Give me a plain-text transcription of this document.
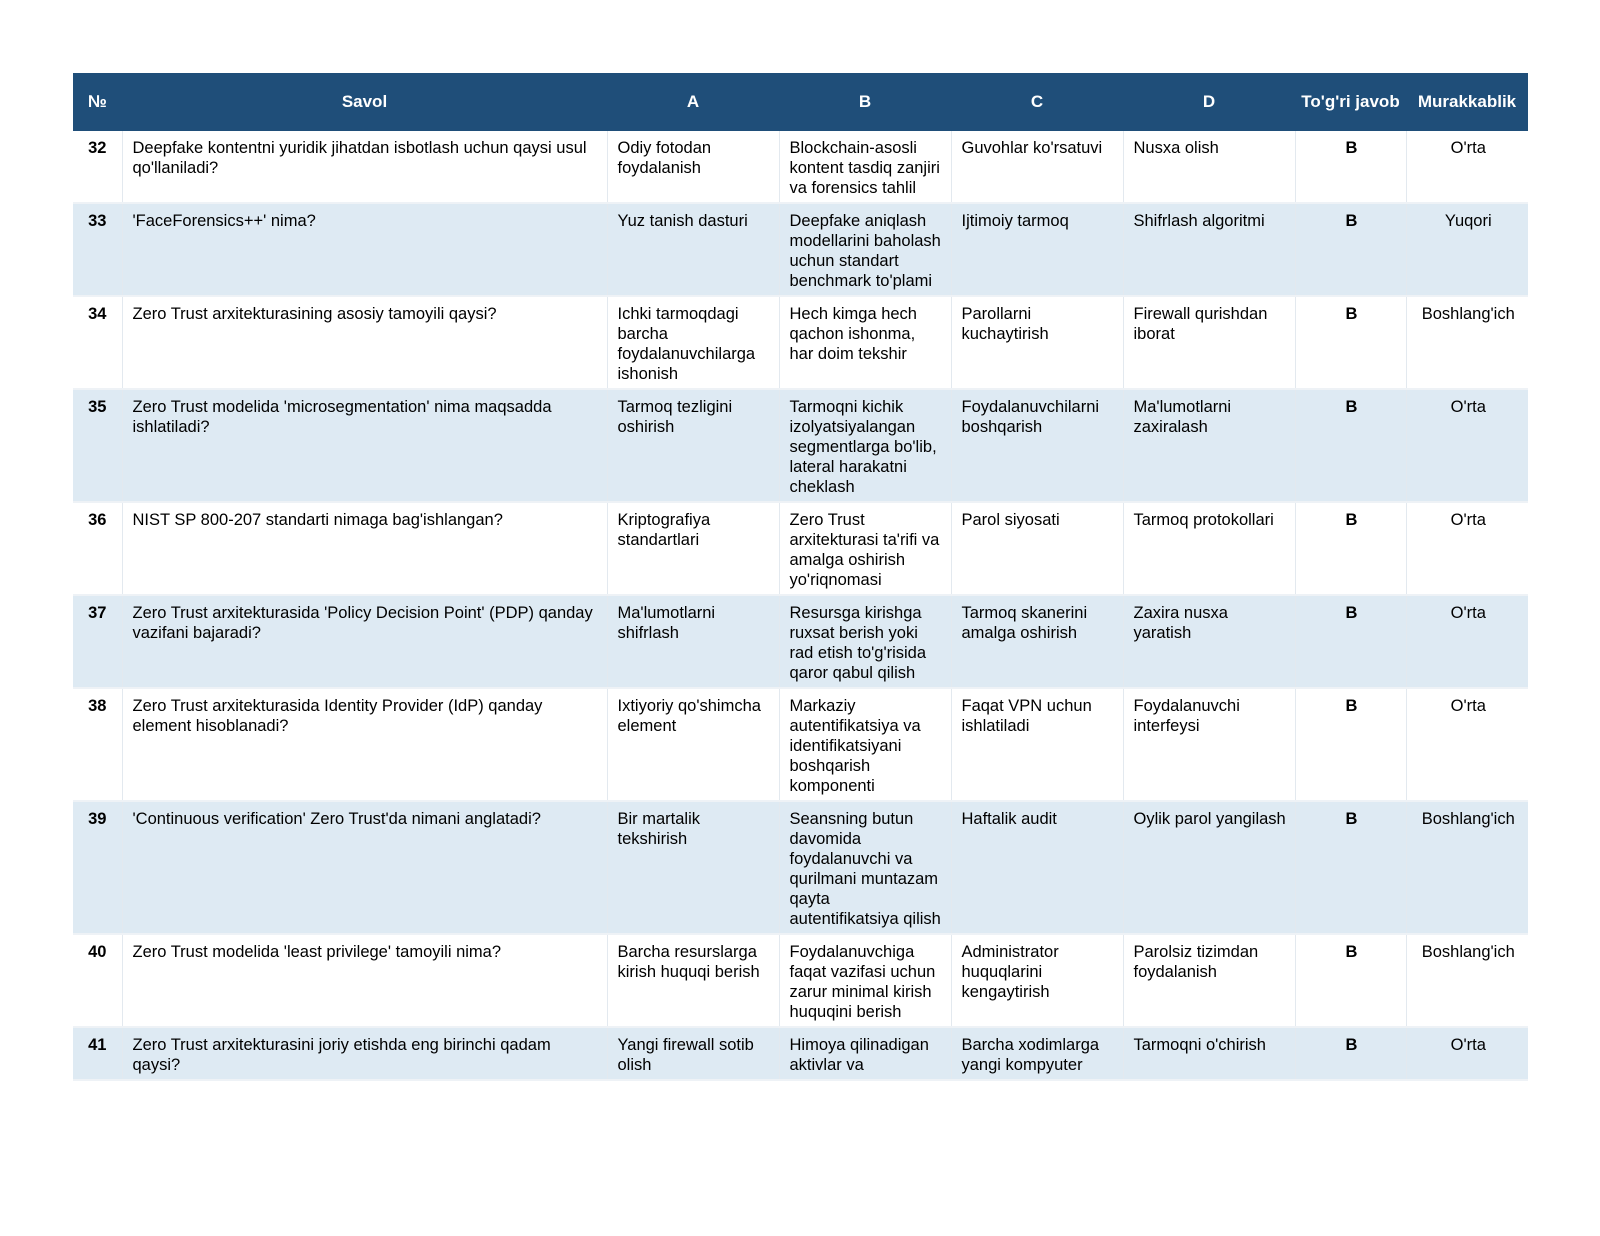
№	Savol	A	B	C	D	To'g'ri javob	Murakkablik
32	Deepfake kontentni yuridik jihatdan isbotlash uchun qaysi usul qo'llaniladi?	Odiy fotodan foydalanish	Blockchain-asosli kontent tasdiq zanjiri va forensics tahlil	Guvohlar ko'rsatuvi	Nusxa olish	B	O'rta
33	'FaceForensics++' nima?	Yuz tanish dasturi	Deepfake aniqlash modellarini baholash uchun standart benchmark to'plami	Ijtimoiy tarmoq	Shifrlash algoritmi	B	Yuqori
34	Zero Trust arxitekturasining asosiy tamoyili qaysi?	Ichki tarmoqdagi barcha foydalanuvchilarga ishonish	Hech kimga hech qachon ishonma, har doim tekshir	Parollarni kuchaytirish	Firewall qurishdan iborat	B	Boshlang'ich
35	Zero Trust modelida 'microsegmentation' nima maqsadda ishlatiladi?	Tarmoq tezligini oshirish	Tarmoqni kichik izolyatsiyalangan segmentlarga bo'lib, lateral harakatni cheklash	Foydalanuvchilarni boshqarish	Ma'lumotlarni zaxiralash	B	O'rta
36	NIST SP 800-207 standarti nimaga bag'ishlangan?	Kriptografiya standartlari	Zero Trust arxitekturasi ta'rifi va amalga oshirish yo'riqnomasi	Parol siyosati	Tarmoq protokollari	B	O'rta
37	Zero Trust arxitekturasida 'Policy Decision Point' (PDP) qanday vazifani bajaradi?	Ma'lumotlarni shifrlash	Resursga kirishga ruxsat berish yoki rad etish to'g'risida qaror qabul qilish	Tarmoq skanerini amalga oshirish	Zaxira nusxa yaratish	B	O'rta
38	Zero Trust arxitekturasida Identity Provider (IdP) qanday element hisoblanadi?	Ixtiyoriy qo'shimcha element	Markaziy autentifikatsiya va identifikatsiyani boshqarish komponenti	Faqat VPN uchun ishlatiladi	Foydalanuvchi interfeysi	B	O'rta
39	'Continuous verification' Zero Trust'da nimani anglatadi?	Bir martalik tekshirish	Seansning butun davomida foydalanuvchi va qurilmani muntazam qayta autentifikatsiya qilish	Haftalik audit	Oylik parol yangilash	B	Boshlang'ich
40	Zero Trust modelida 'least privilege' tamoyili nima?	Barcha resurslarga kirish huquqi berish	Foydalanuvchiga faqat vazifasi uchun zarur minimal kirish huquqini berish	Administrator huquqlarini kengaytirish	Parolsiz tizimdan foydalanish	B	Boshlang'ich
41	Zero Trust arxitekturasini joriy etishda eng birinchi qadam qaysi?	Yangi firewall sotib olish	Himoya qilinadigan aktivlar va	Barcha xodimlarga yangi kompyuter	Tarmoqni o'chirish	B	O'rta
